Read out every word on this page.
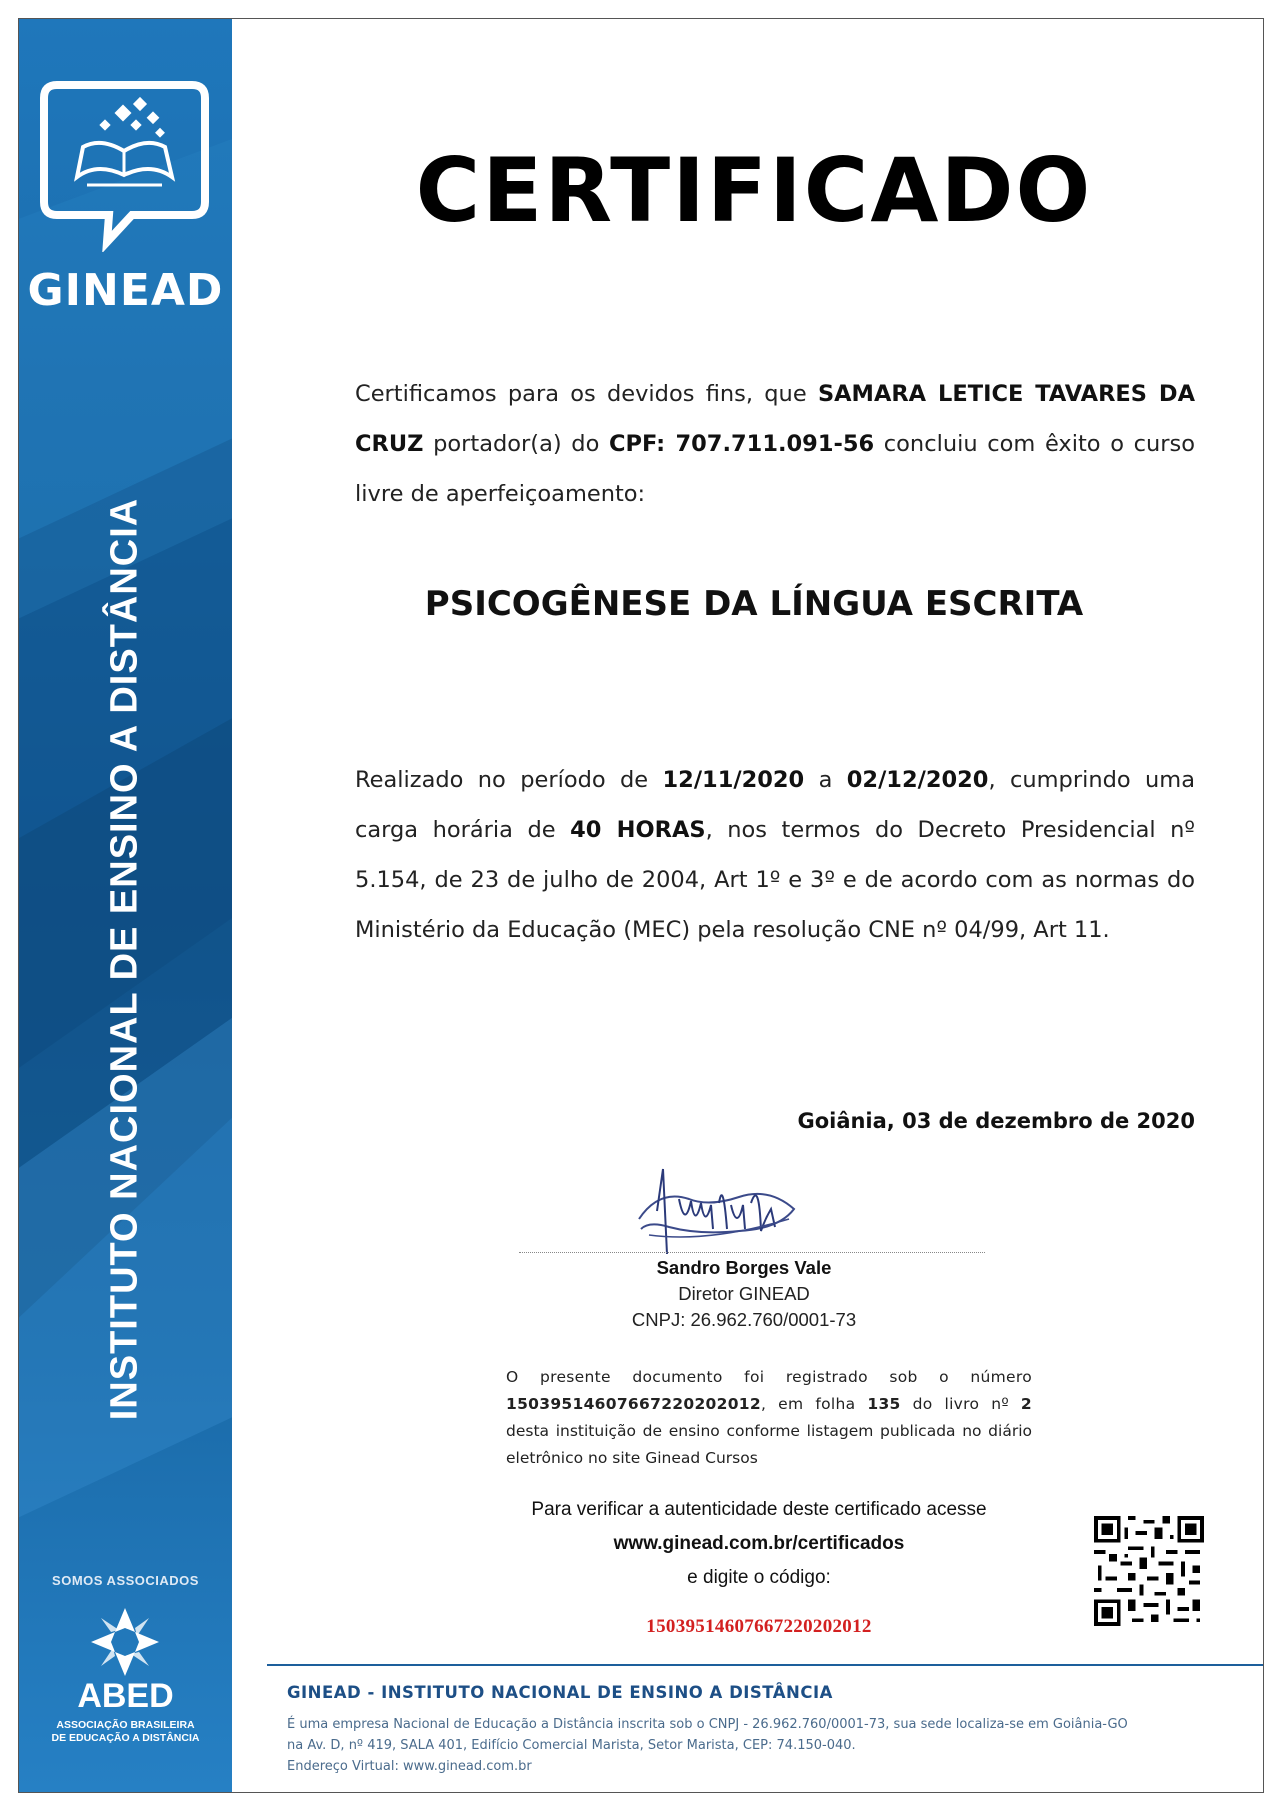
GINEAD
INSTITUTO NACIONAL DE ENSINO A DISTÂNCIA
SOMOS ASSOCIADOS
ABED
ASSOCIAÇÃO BRASILEIRA
DE EDUCAÇÃO A DISTÂNCIA
CERTIFICADO
Certificamos para os devidos fins, que SAMARA LETICE TAVARES DA CRUZ portador(a) do CPF: 707.711.091-56 concluiu com êxito o curso livre de aperfeiçoamento:
PSICOGÊNESE DA LÍNGUA ESCRITA
Realizado no período de 12/11/2020 a 02/12/2020, cumprindo uma carga horária de 40 HORAS, nos termos do Decreto Presidencial nº 5.154, de 23 de julho de 2004, Art 1º e 3º e de acordo com as normas do Ministério da Educação (MEC) pela resolução CNE nº 04/99, Art 11.
Goiânia, 03 de dezembro de 2020
Sandro Borges Vale
Diretor GINEAD
CNPJ: 26.962.760/0001-73
O presente documento foi registrado sob o número 15039514607667220202012, em folha 135 do livro nº 2 desta instituição de ensino conforme listagem publicada no diário eletrônico no site Ginead Cursos
Para verificar a autenticidade deste certificado acesse
www.ginead.com.br/certificados
e digite o código:
15039514607667220202012
GINEAD - INSTITUTO NACIONAL DE ENSINO A DISTÂNCIA
É uma empresa Nacional de Educação a Distância inscrita sob o CNPJ - 26.962.760/0001-73, sua sede localiza-se em Goiânia-GO
na Av. D, nº 419, SALA 401, Edifício Comercial Marista, Setor Marista, CEP: 74.150-040.
Endereço Virtual: www.ginead.com.br
